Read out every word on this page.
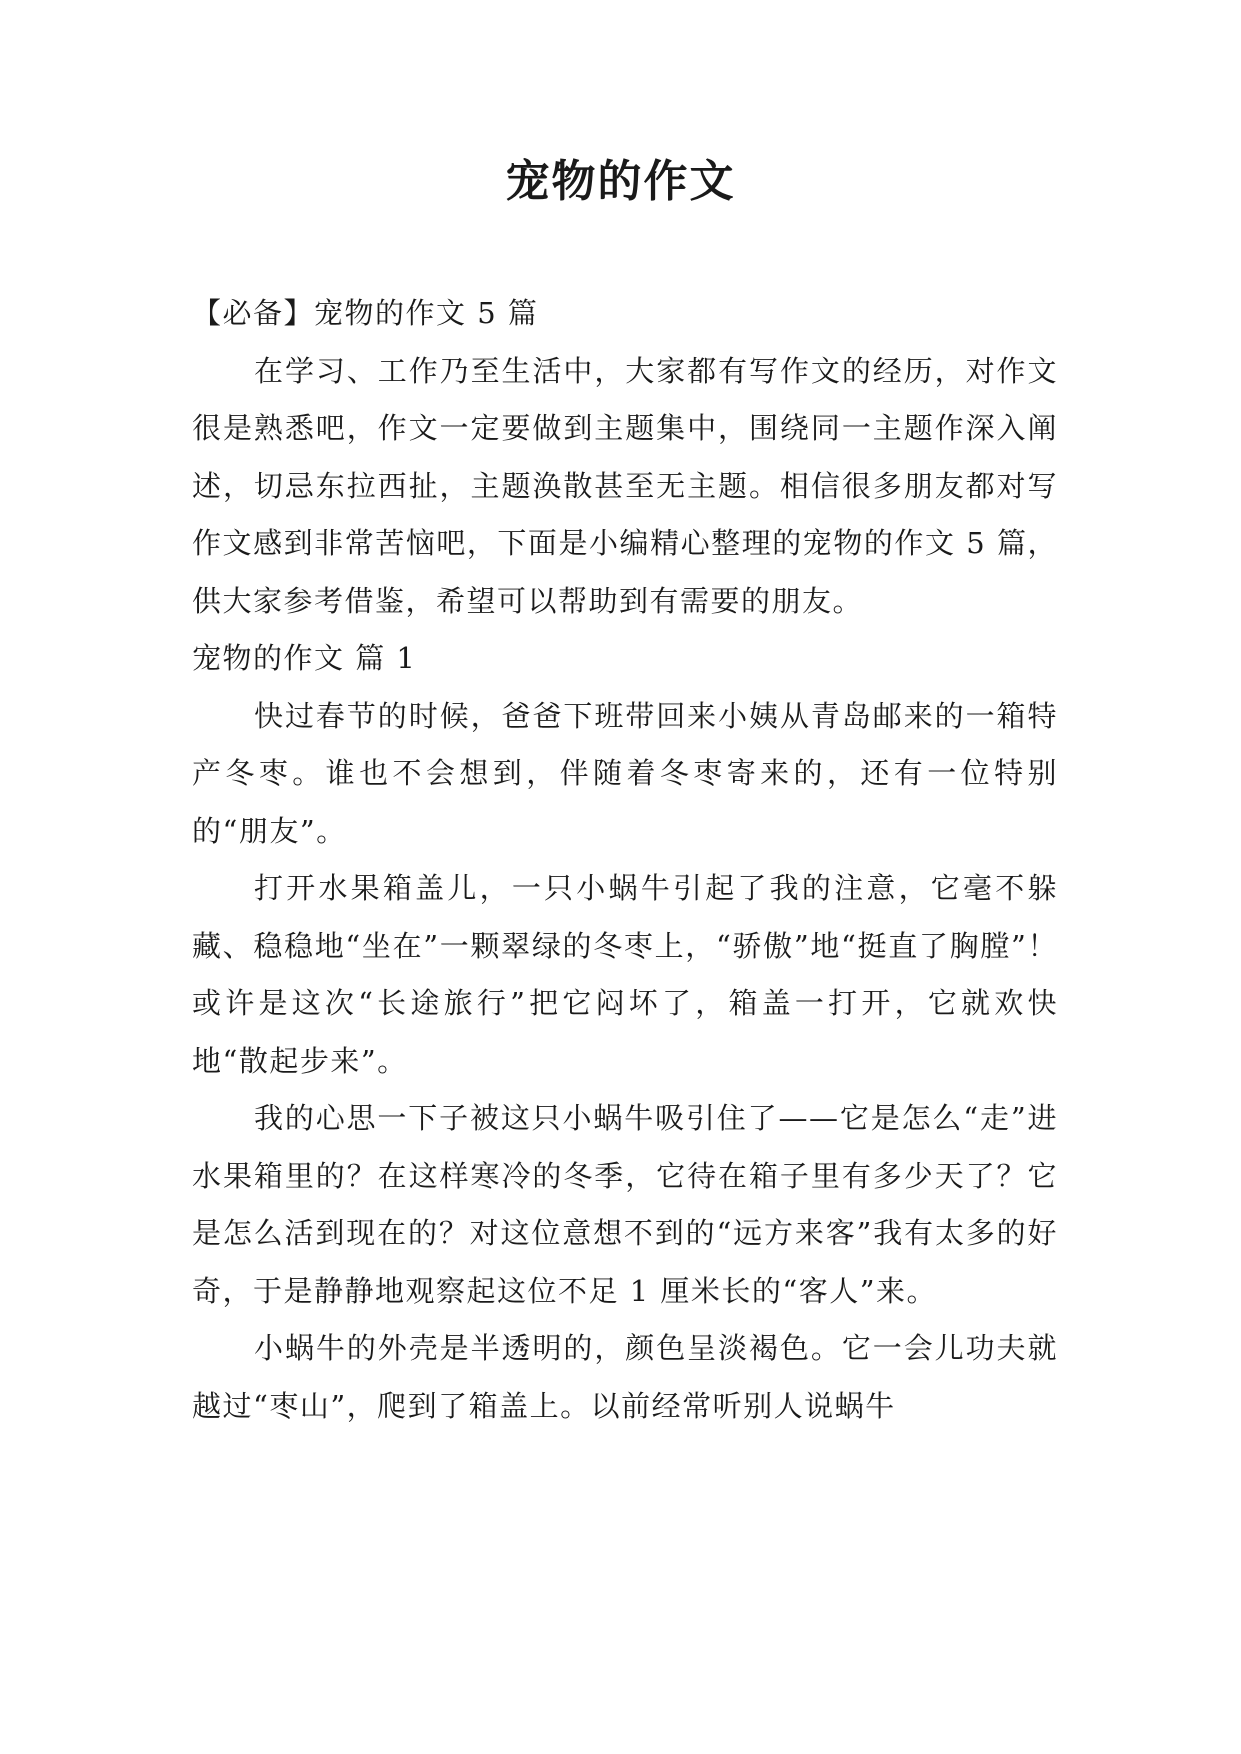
宠物的作文

【必备】宠物的作文 5 篇

在学习、工作乃至生活中，大家都有写作文的经历，对作文很是熟悉吧，作文一定要做到主题集中，围绕同一主题作深入阐述，切忌东拉西扯，主题涣散甚至无主题。相信很多朋友都对写作文感到非常苦恼吧，下面是小编精心整理的宠物的作文 5 篇，供大家参考借鉴，希望可以帮助到有需要的朋友。

宠物的作文 篇 1

快过春节的时候，爸爸下班带回来小姨从青岛邮来的一箱特产冬枣。谁也不会想到，伴随着冬枣寄来的，还有一位特别的“朋友”。

打开水果箱盖儿，一只小蜗牛引起了我的注意，它毫不躲藏、稳稳地“坐在”一颗翠绿的冬枣上，“骄傲”地“挺直了胸膛”！或许是这次“长途旅行”把它闷坏了，箱盖一打开，它就欢快地“散起步来”。

我的心思一下子被这只小蜗牛吸引住了——它是怎么“走”进水果箱里的？在这样寒冷的冬季，它待在箱子里有多少天了？它是怎么活到现在的？对这位意想不到的“远方来客”我有太多的好奇，于是静静地观察起这位不足 1 厘米长的“客人”来。

小蜗牛的外壳是半透明的，颜色呈淡褐色。它一会儿功夫就越过“枣山”，爬到了箱盖上。以前经常听别人说蜗牛
